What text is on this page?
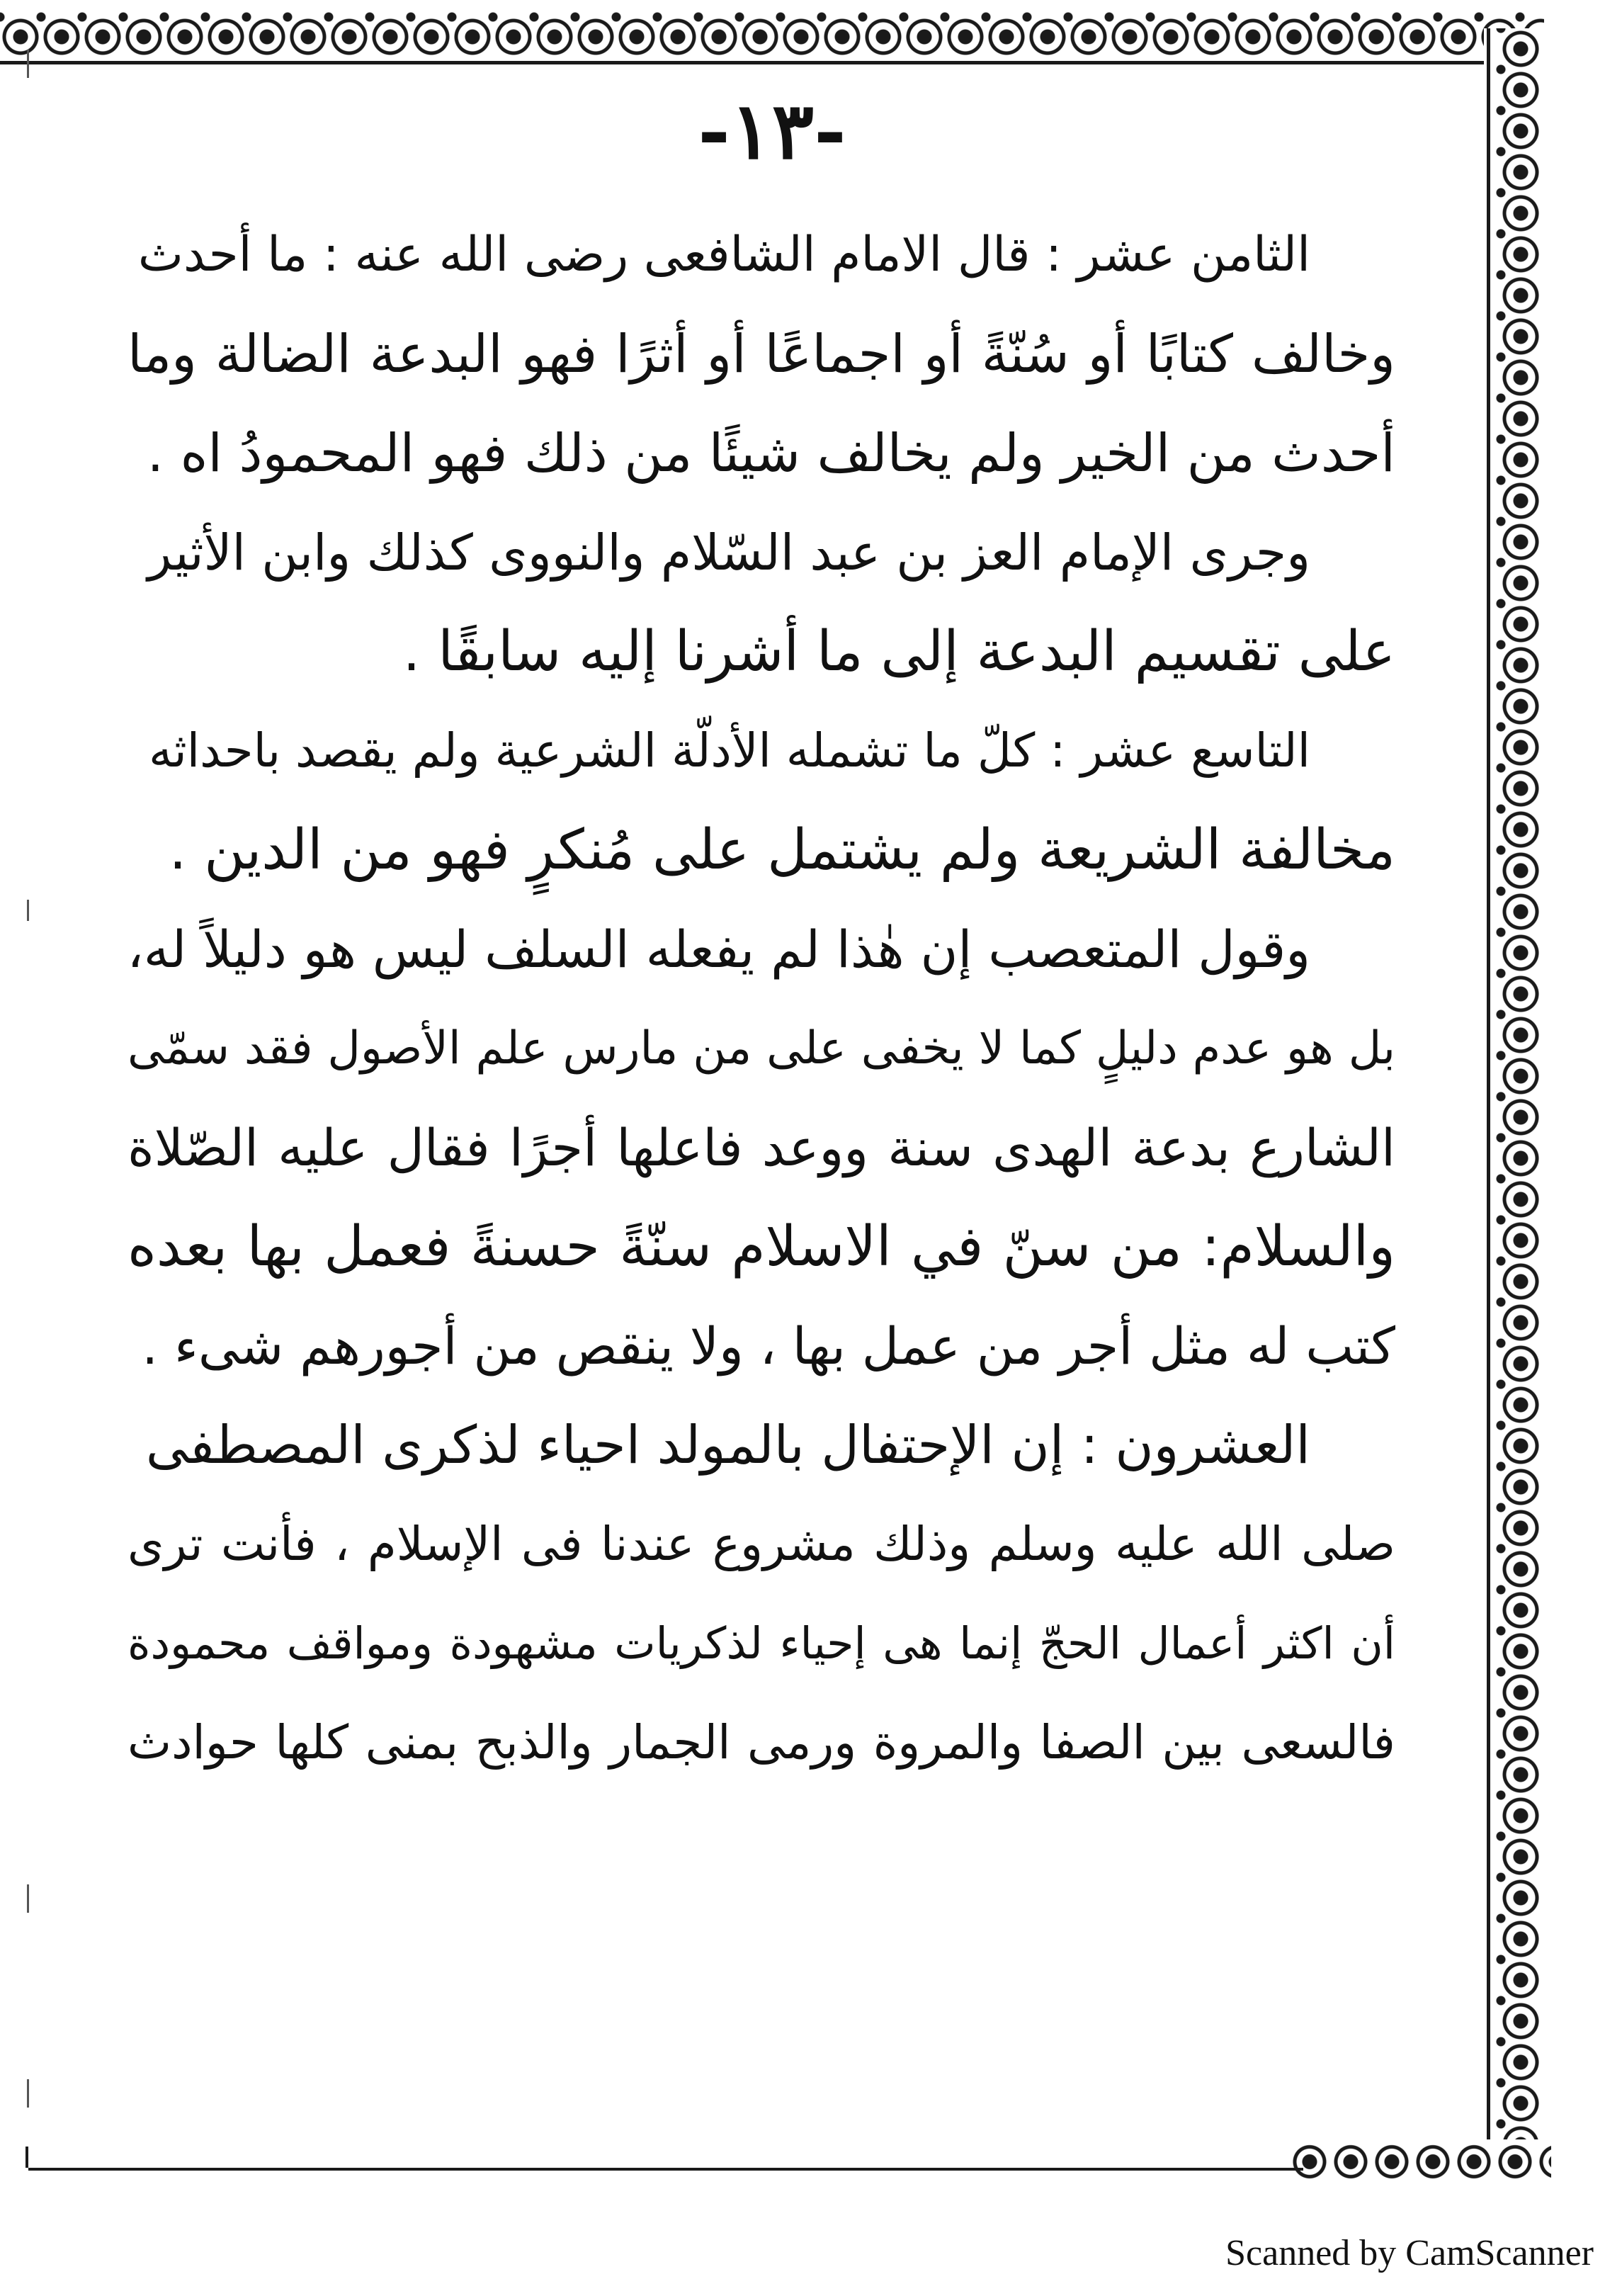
-١٣-
الثامن عشر : قال الامام الشافعى رضى الله عنه : ما أحدث
وخالف كتابًا أو سُنّةً أو اجماعًا أو أثرًا فهو البدعة الضالة وما
أحدث من الخير ولم يخالف شيئًا من ذلك فهو المحمودُ اه .
وجرى الإمام العز بن عبد السّلام والنووى كذلك وابن الأثير
على تقسيم البدعة إلى ما أشرنا إليه سابقًا .
التاسع عشر : كلّ ما تشمله الأدلّة الشرعية ولم يقصد باحداثه
مخالفة الشريعة ولم يشتمل على مُنكرٍ فهو من الدين .
وقول المتعصب إن هٰذا لم يفعله السلف ليس هو دليلاً له،
بل هو عدم دليلٍ كما لا يخفى على من مارس علم الأصول فقد سمّى
الشارع بدعة الهدى سنة ووعد فاعلها أجرًا فقال عليه الصّلاة
والسلام: من سنّ في الاسلام سنّةً حسنةً فعمل بها بعده
كتب له مثل أجر من عمل بها ، ولا ينقص من أجورهم شىء .
العشرون : إن الإحتفال بالمولد احياء لذكرى المصطفى
صلى الله عليه وسلم وذلك مشروع عندنا فى الإسلام ، فأنت ترى
أن اكثر أعمال الحجّ إنما هى إحياء لذكريات مشهودة ومواقف محمودة
فالسعى بين الصفا والمروة ورمى الجمار والذبح بمنى كلها حوادث
Scanned by CamScanner
